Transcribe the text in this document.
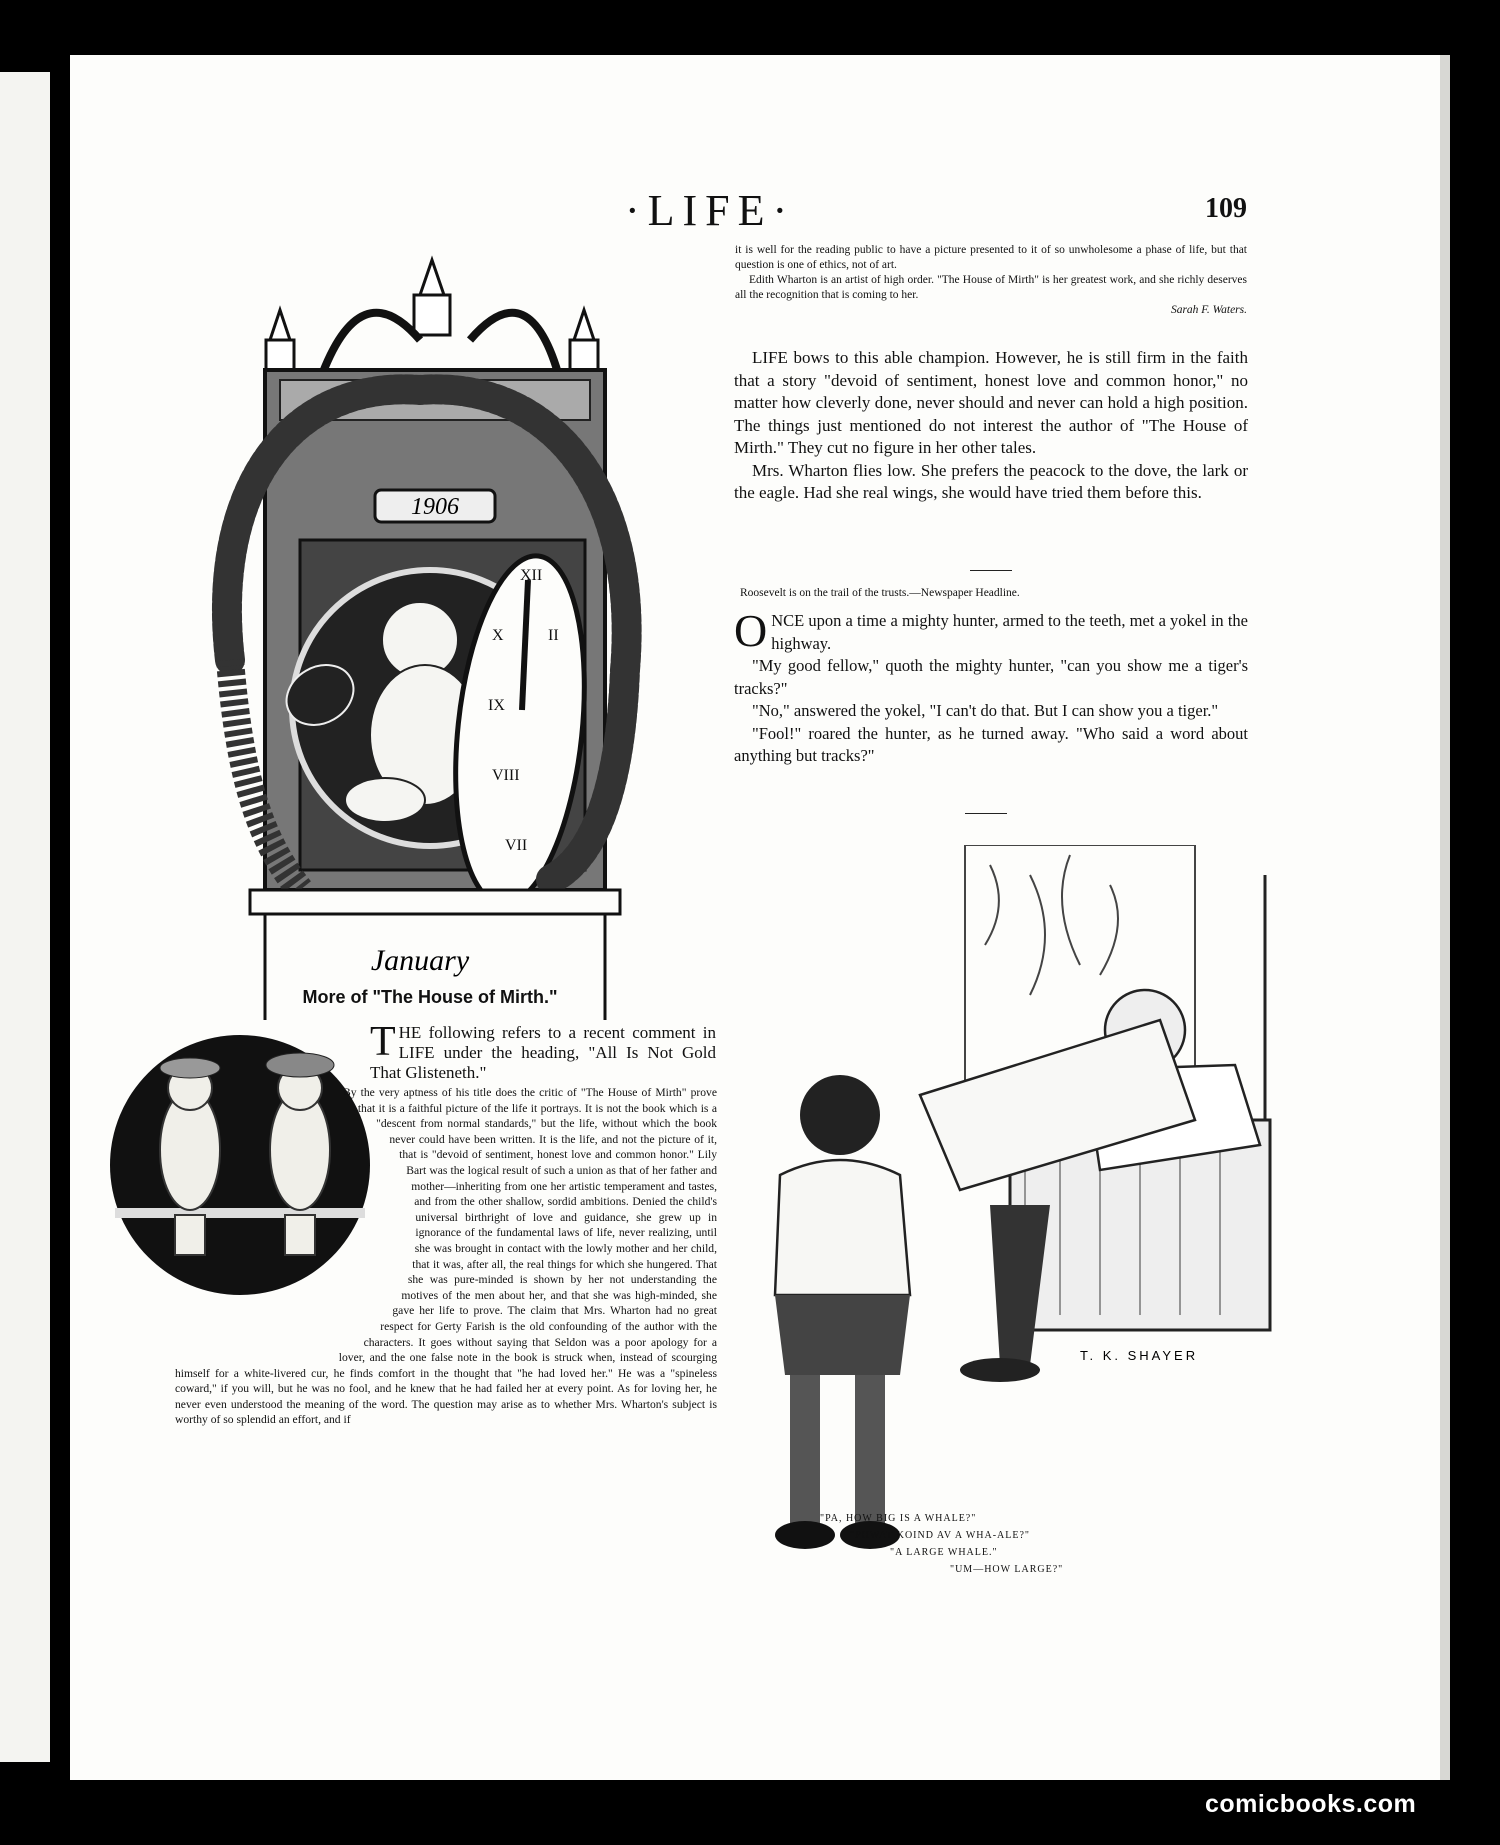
·LIFE·	109
1906
XII
X
IX
VIII
VII
II
January

it is well for the reading public to have a picture presented to it of so unwholesome a phase of life, but that question is one of ethics, not of art.

Edith Wharton is an artist of high order. "The House of Mirth" is her greatest work, and she richly deserves all the recognition that is coming to her.

Sarah F. Waters.

LIFE bows to this able champion. However, he is still firm in the faith that a story "devoid of sentiment, honest love and common honor," no matter how cleverly done, never should and never can hold a high position. The things just mentioned do not interest the author of "The House of Mirth." They cut no figure in her other tales.

Mrs. Wharton flies low. She prefers the peacock to the dove, the lark or the eagle. Had she real wings, she would have tried them before this.

Roosevelt is on the trail of the trusts.—Newspaper Headline.

ONCE upon a time a mighty hunter, armed to the teeth, met a yokel in the highway.

"My good fellow," quoth the mighty hunter, "can you show me a tiger's tracks?"

"No," answered the yokel, "I can't do that. But I can show you a tiger."

"Fool!" roared the hunter, as he turned away. "Who said a word about anything but tracks?"

More of "The House of Mirth."

THE following refers to a recent comment in LIFE under the heading, "All Is Not Gold That Glisteneth."

By the very aptness of his title does the critic of "The House of Mirth" prove that it is a faithful picture of the life it portrays. It is not the book which is a "descent from normal standards," but the life, without which the book never could have been written. It is the life, and not the picture of it, that is "devoid of sentiment, honest love and common honor." Lily Bart was the logical result of such a union as that of her father and mother—inheriting from one her artistic temperament and tastes, and from the other shallow, sordid ambitions. Denied the child's universal birthright of love and guidance, she grew up in ignorance of the fundamental laws of life, never realizing, until she was brought in contact with the lowly mother and her child, that it was, after all, the real things for which she hungered. That she was pure-minded is shown by her not understanding the motives of the men about her, and that she was high-minded, she gave her life to prove. The claim that Mrs. Wharton had no great respect for Gerty Farish is the old confounding of the author with the characters. It goes without saying that Seldon was a poor apology for a lover, and the one false note in the book is struck when, instead of scourging himself for a white-livered cur, he finds comfort in the thought that "he had loved her." He was a "spineless coward," if you will, but he was no fool, and he knew that he had failed her at every point. As for loving her, he never even understood the meaning of the word. The question may arise as to whether Mrs. Wharton's subject is worthy of so splendid an effort, and if

T. K. SHAYER
"PA, HOW BIG IS A WHALE?"
"PHWAT KOIND AV A WHA-ALE?"
"A LARGE WHALE."
"UM—HOW LARGE?"
comicbooks.com
